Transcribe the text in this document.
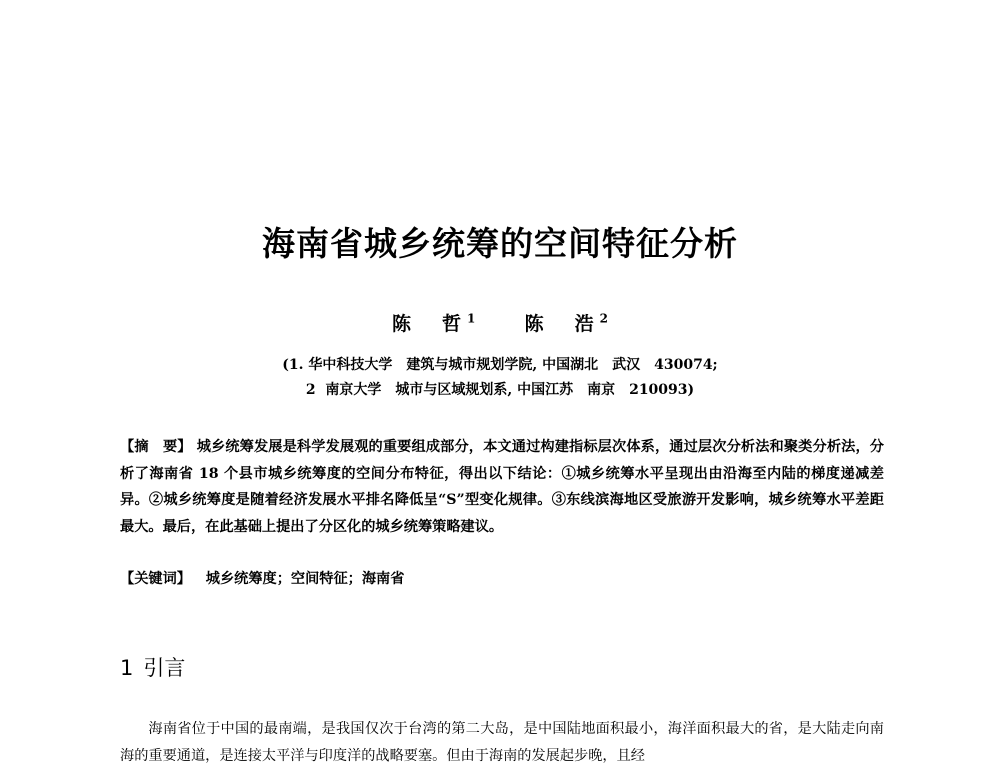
海南省城乡统筹的空间特征分析
陈　哲$^1$	陈　浩$^2$
(1. 华中科技大学　建筑与城市规划学院, 中国湖北　武汉　430074;
2  南京大学　城市与区域规划系, 中国江苏　南京　210093)
【摘　要】 城乡统筹发展是科学发展观的重要组成部分，本文通过构建指标层次体系，通过层次分析法和聚类分析法，分析了海南省 18 个县市城乡统筹度的空间分布特征，得出以下结论：①城乡统筹水平呈现出由沿海至内陆的梯度递减差异。②城乡统筹度是随着经济发展水平排名降低呈“S”型变化规律。③东线滨海地区受旅游开发影响，城乡统筹水平差距最大。最后，在此基础上提出了分区化的城乡统筹策略建议。
【关键词】 城乡统筹度；空间特征；海南省
1 引言
海南省位于中国的最南端，是我国仅次于台湾的第二大岛，是中国陆地面积最小，海洋面积最大的省，是大陆走向南海的重要通道，是连接太平洋与印度洋的战略要塞。但由于海南的发展起步晚，且经
